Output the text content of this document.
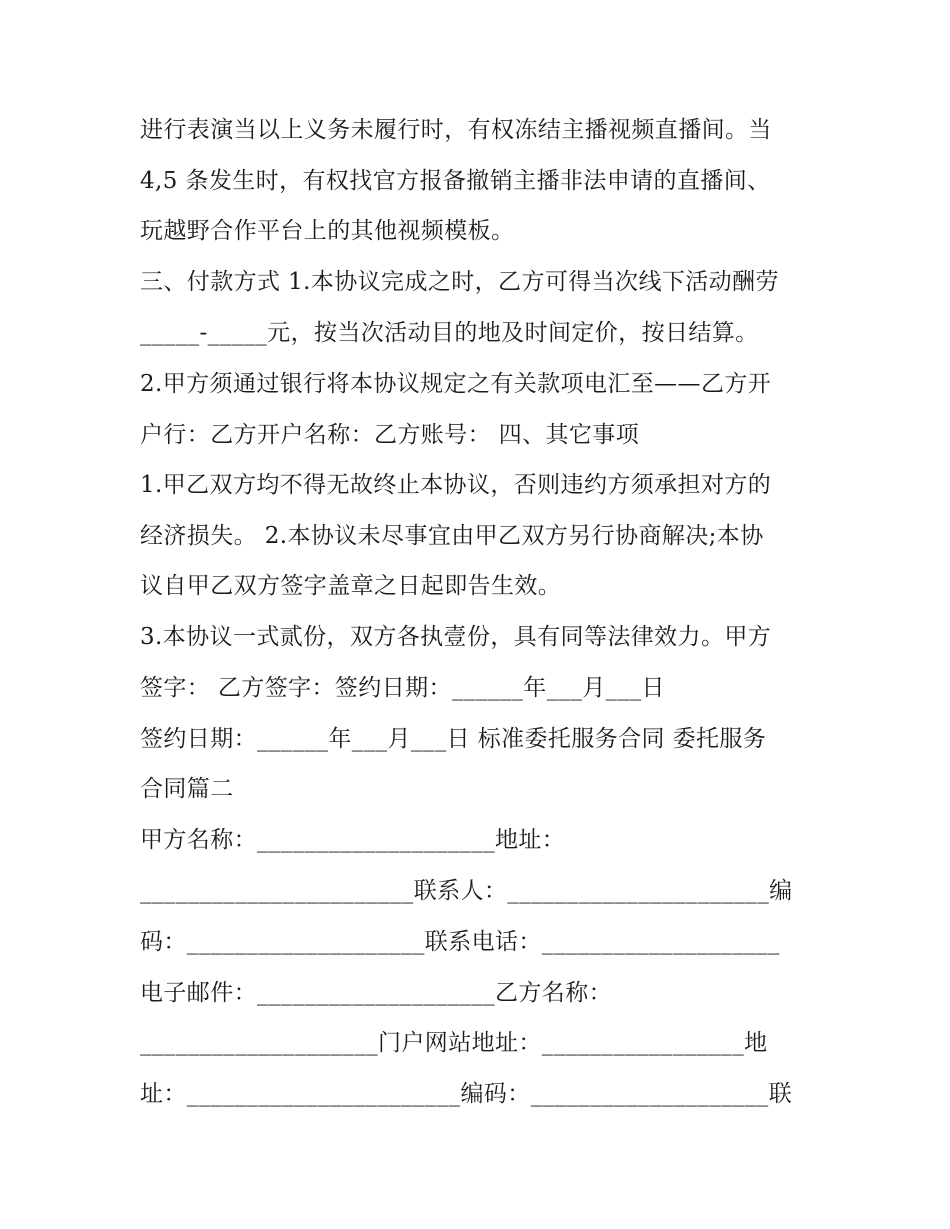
进行表演当以上义务未履行时，有权冻结主播视频直播间。当
4,5 条发生时，有权找官方报备撤销主播非法申请的直播间、
玩越野合作平台上的其他视频模板。
三、付款方式 1.本协议完成之时，乙方可得当次线下活动酬劳
_____-_____元，按当次活动目的地及时间定价，按日结算。
2.甲方须通过银行将本协议规定之有关款项电汇至——乙方开
户行：乙方开户名称：乙方账号： 四、其它事项
1.甲乙双方均不得无故终止本协议，否则违约方须承担对方的
经济损失。 2.本协议未尽事宜由甲乙双方另行协商解决;本协
议自甲乙双方签字盖章之日起即告生效。
3.本协议一式贰份，双方各执壹份，具有同等法律效力。甲方
签字： 乙方签字：签约日期：______年___月___日
签约日期：______年___月___日 标准委托服务合同 委托服务
合同篇二
甲方名称：____________________地址：
_______________________联系人：______________________编
码：____________________联系电话：____________________
电子邮件：____________________乙方名称：
____________________门户网站地址：_________________地
址：_______________________编码：____________________联
